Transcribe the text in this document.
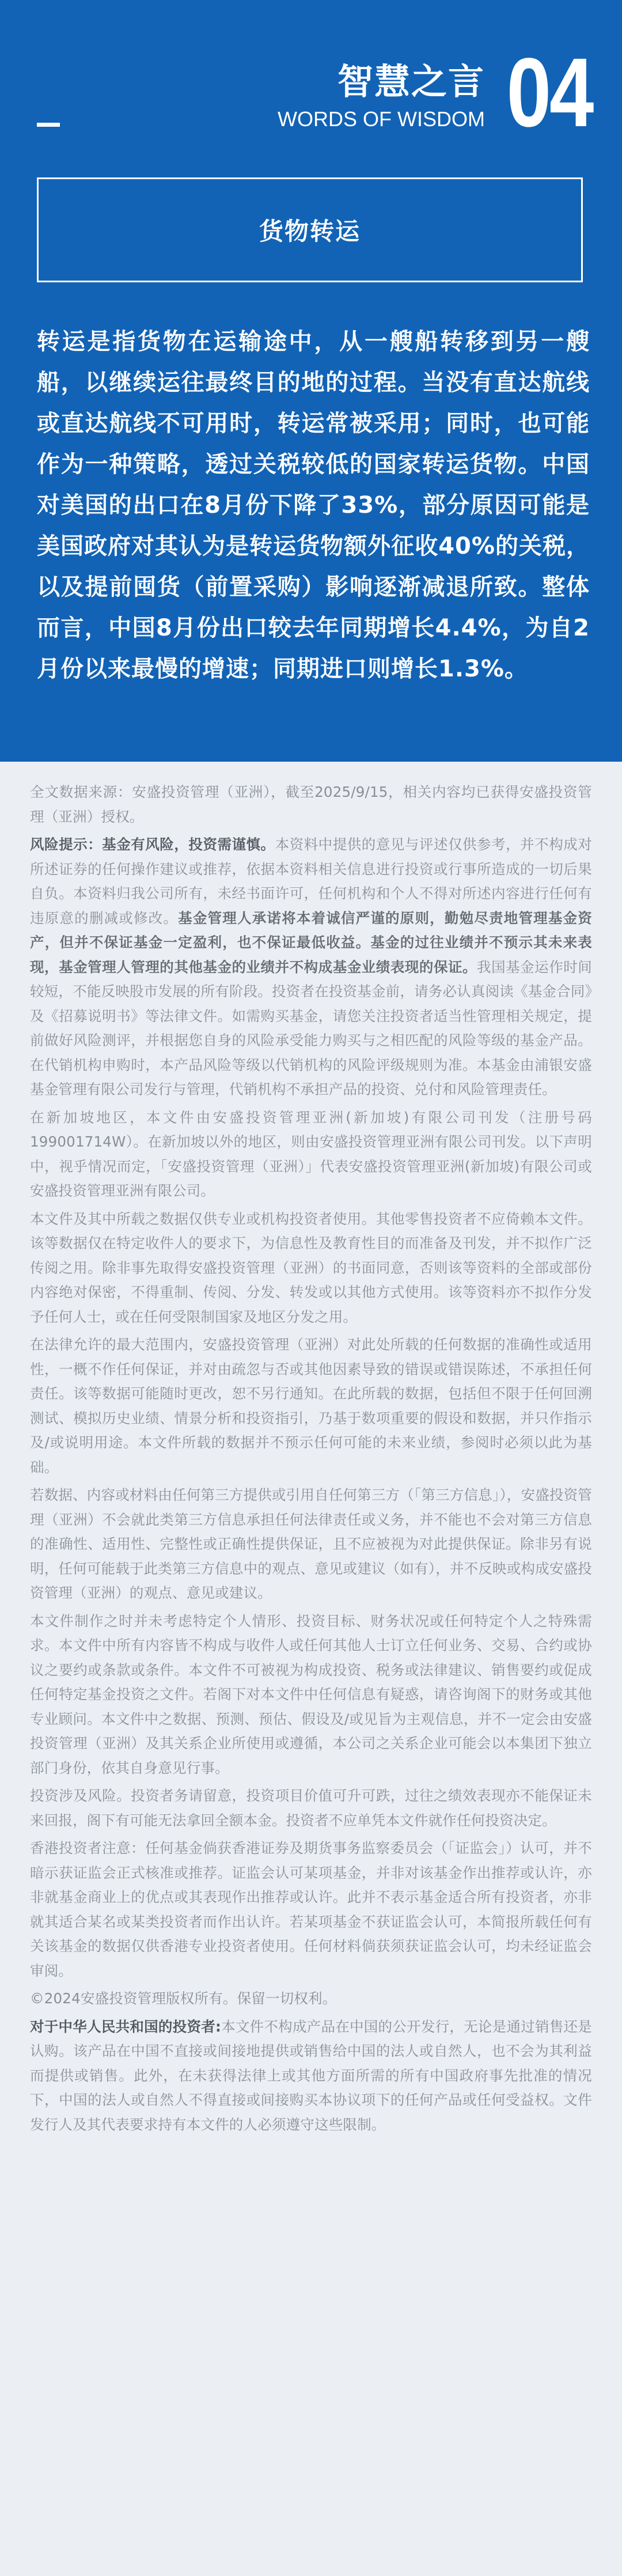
智慧之言
WORDS OF WISDOM 04
货物转运
转运是指货物在运输途中，从一艘船转移到另一艘船，以继续运往最终目的地的过程。当没有直达航线或直达航线不可用时，转运常被采用；同时，也可能作为一种策略，透过关税较低的国家转运货物。中国对美国的出口在8月份下降了33%，部分原因可能是美国政府对其认为是转运货物额外征收40%的关税，以及提前囤货（前置采购）影响逐渐减退所致。整体而言，中国8月份出口较去年同期增长4.4%，为自2月份以来最慢的增速；同期进口则增长1.3%。

全文数据来源：安盛投资管理（亚洲），截至2025/9/15，相关内容均已获得安盛投资管理（亚洲）授权。

风险提示：基金有风险，投资需谨慎。本资料中提供的意见与评述仅供参考，并不构成对所述证券的任何操作建议或推荐，依据本资料相关信息进行投资或行事所造成的一切后果自负。本资料归我公司所有，未经书面许可，任何机构和个人不得对所述内容进行任何有违原意的删减或修改。基金管理人承诺将本着诚信严谨的原则，勤勉尽责地管理基金资产，但并不保证基金一定盈利，也不保证最低收益。基金的过往业绩并不预示其未来表现，基金管理人管理的其他基金的业绩并不构成基金业绩表现的保证。我国基金运作时间较短，不能反映股市发展的所有阶段。投资者在投资基金前，请务必认真阅读《基金合同》及《招募说明书》等法律文件。如需购买基金，请您关注投资者适当性管理相关规定，提前做好风险测评，并根据您自身的风险承受能力购买与之相匹配的风险等级的基金产品。在代销机构申购时，本产品风险等级以代销机构的风险评级规则为准。本基金由浦银安盛基金管理有限公司发行与管理，代销机构不承担产品的投资、兑付和风险管理责任。

在新加坡地区，本文件由安盛投资管理亚洲(新加坡)有限公司刊发（注册号码 199001714W）。在新加坡以外的地区，则由安盛投资管理亚洲有限公司刊发。以下声明中，视乎情况而定，「安盛投资管理（亚洲）」代表安盛投资管理亚洲(新加坡)有限公司或安盛投资管理亚洲有限公司。

本文件及其中所载之数据仅供专业或机构投资者使用。其他零售投资者不应倚赖本文件。该等数据仅在特定收件人的要求下，为信息性及教育性目的而准备及刊发，并不拟作广泛传阅之用。除非事先取得安盛投资管理（亚洲）的书面同意，否则该等资料的全部或部份内容绝对保密，不得重制、传阅、分发、转发或以其他方式使用。该等资料亦不拟作分发予任何人士，或在任何受限制国家及地区分发之用。

在法律允许的最大范围内，安盛投资管理（亚洲）对此处所载的任何数据的准确性或适用性，一概不作任何保证，并对由疏忽与否或其他因素导致的错误或错误陈述，不承担任何责任。该等数据可能随时更改，恕不另行通知。在此所载的数据，包括但不限于任何回溯测试、模拟历史业绩、情景分析和投资指引，乃基于数项重要的假设和数据，并只作指示及/或说明用途。本文件所载的数据并不预示任何可能的未来业绩，参阅时必须以此为基础。

若数据、内容或材料由任何第三方提供或引用自任何第三方（「第三方信息」），安盛投资管理（亚洲）不会就此类第三方信息承担任何法律责任或义务，并不能也不会对第三方信息的准确性、适用性、完整性或正确性提供保证，且不应被视为对此提供保证。除非另有说明，任何可能载于此类第三方信息中的观点、意见或建议（如有），并不反映或构成安盛投资管理（亚洲）的观点、意见或建议。

本文件制作之时并未考虑特定个人情形、投资目标、财务状况或任何特定个人之特殊需求。本文件中所有内容皆不构成与收件人或任何其他人士订立任何业务、交易、合约或协议之要约或条款或条件。本文件不可被视为构成投资、税务或法律建议、销售要约或促成任何特定基金投资之文件。若阁下对本文件中任何信息有疑惑，请咨询阁下的财务或其他专业顾问。本文件中之数据、预测、预估、假设及/或见旨为主观信息，并不一定会由安盛投资管理（亚洲）及其关系企业所使用或遵循，本公司之关系企业可能会以本集团下独立部门身份，依其自身意见行事。

投资涉及风险。投资者务请留意，投资项目价值可升可跌，过往之绩效表现亦不能保证未来回报，阁下有可能无法拿回全额本金。投资者不应单凭本文件就作任何投资决定。

香港投资者注意：任何基金倘获香港证券及期货事务监察委员会（「证监会」）认可，并不暗示获证监会正式核准或推荐。证监会认可某项基金，并非对该基金作出推荐或认许，亦非就基金商业上的优点或其表现作出推荐或认许。此并不表示基金适合所有投资者，亦非就其适合某名或某类投资者而作出认许。若某项基金不获证监会认可，本简报所载任何有关该基金的数据仅供香港专业投资者使用。任何材料倘获须获证监会认可，均未经证监会审阅。

©2024安盛投资管理版权所有。保留一切权利。

对于中华人民共和国的投资者:本文件不构成产品在中国的公开发行，无论是通过销售还是认购。该产品在中国不直接或间接地提供或销售给中国的法人或自然人，也不会为其利益而提供或销售。此外，在未获得法律上或其他方面所需的所有中国政府事先批准的情况下，中国的法人或自然人不得直接或间接购买本协议项下的任何产品或任何受益权。文件发行人及其代表要求持有本文件的人必须遵守这些限制。
